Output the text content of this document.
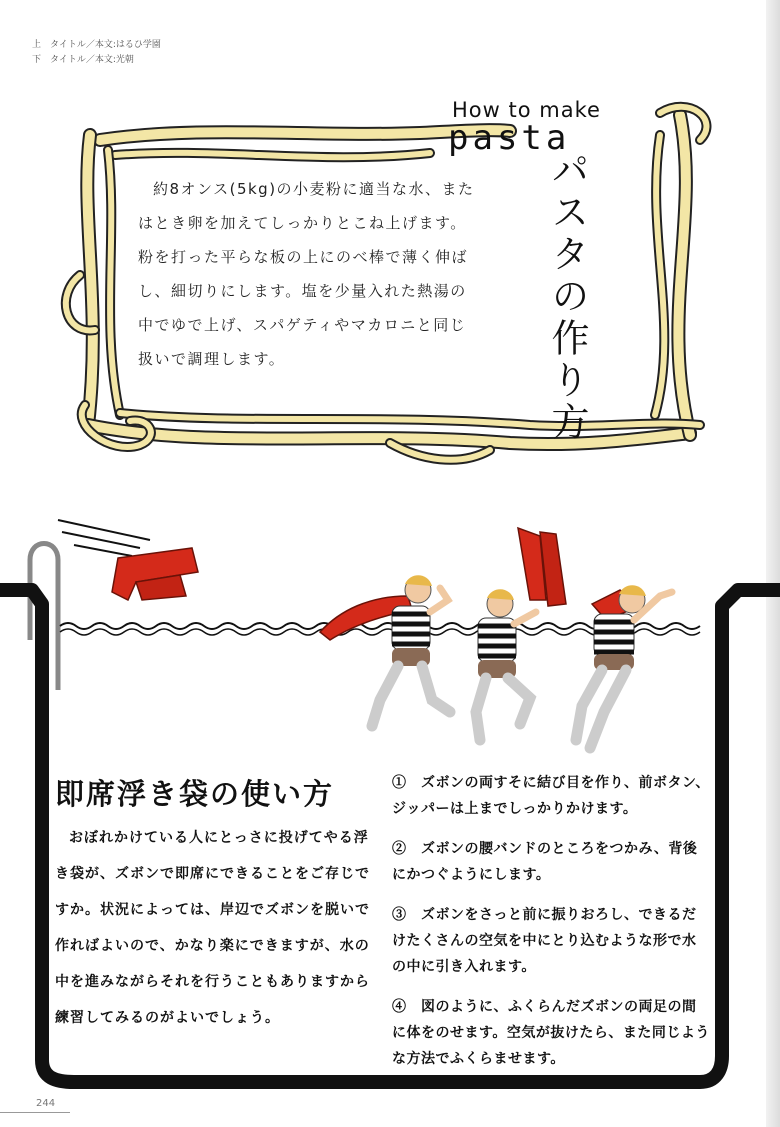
上　タイトル／本文:はるひ学園
下　タイトル／本文:光朝
How to make
pasta
パスタの作り方
約8オンス(5kg)の小麦粉に適当な水、またはとき卵を加えてしっかりとこね上げます。粉を打った平らな板の上にのべ棒で薄く伸ばし、細切りにします。塩を少量入れた熱湯の中でゆで上げ、スパゲティやマカロニと同じ扱いで調理します。
即席浮き袋の使い方
おぼれかけている人にとっさに投げてやる浮き袋が、ズボンで即席にできることをご存じですか。状況によっては、岸辺でズボンを脱いで作ればよいので、かなり楽にできますが、水の中を進みながらそれを行うこともありますから練習してみるのがよいでしょう。
①　ズボンの両すそに結び目を作り、前ボタン、ジッパーは上までしっかりかけます。
②　ズボンの腰バンドのところをつかみ、背後にかつぐようにします。
③　ズボンをさっと前に振りおろし、できるだけたくさんの空気を中にとり込むような形で水の中に引き入れます。
④　図のように、ふくらんだズボンの両足の間に体をのせます。空気が抜けたら、また同じような方法でふくらませます。
244
